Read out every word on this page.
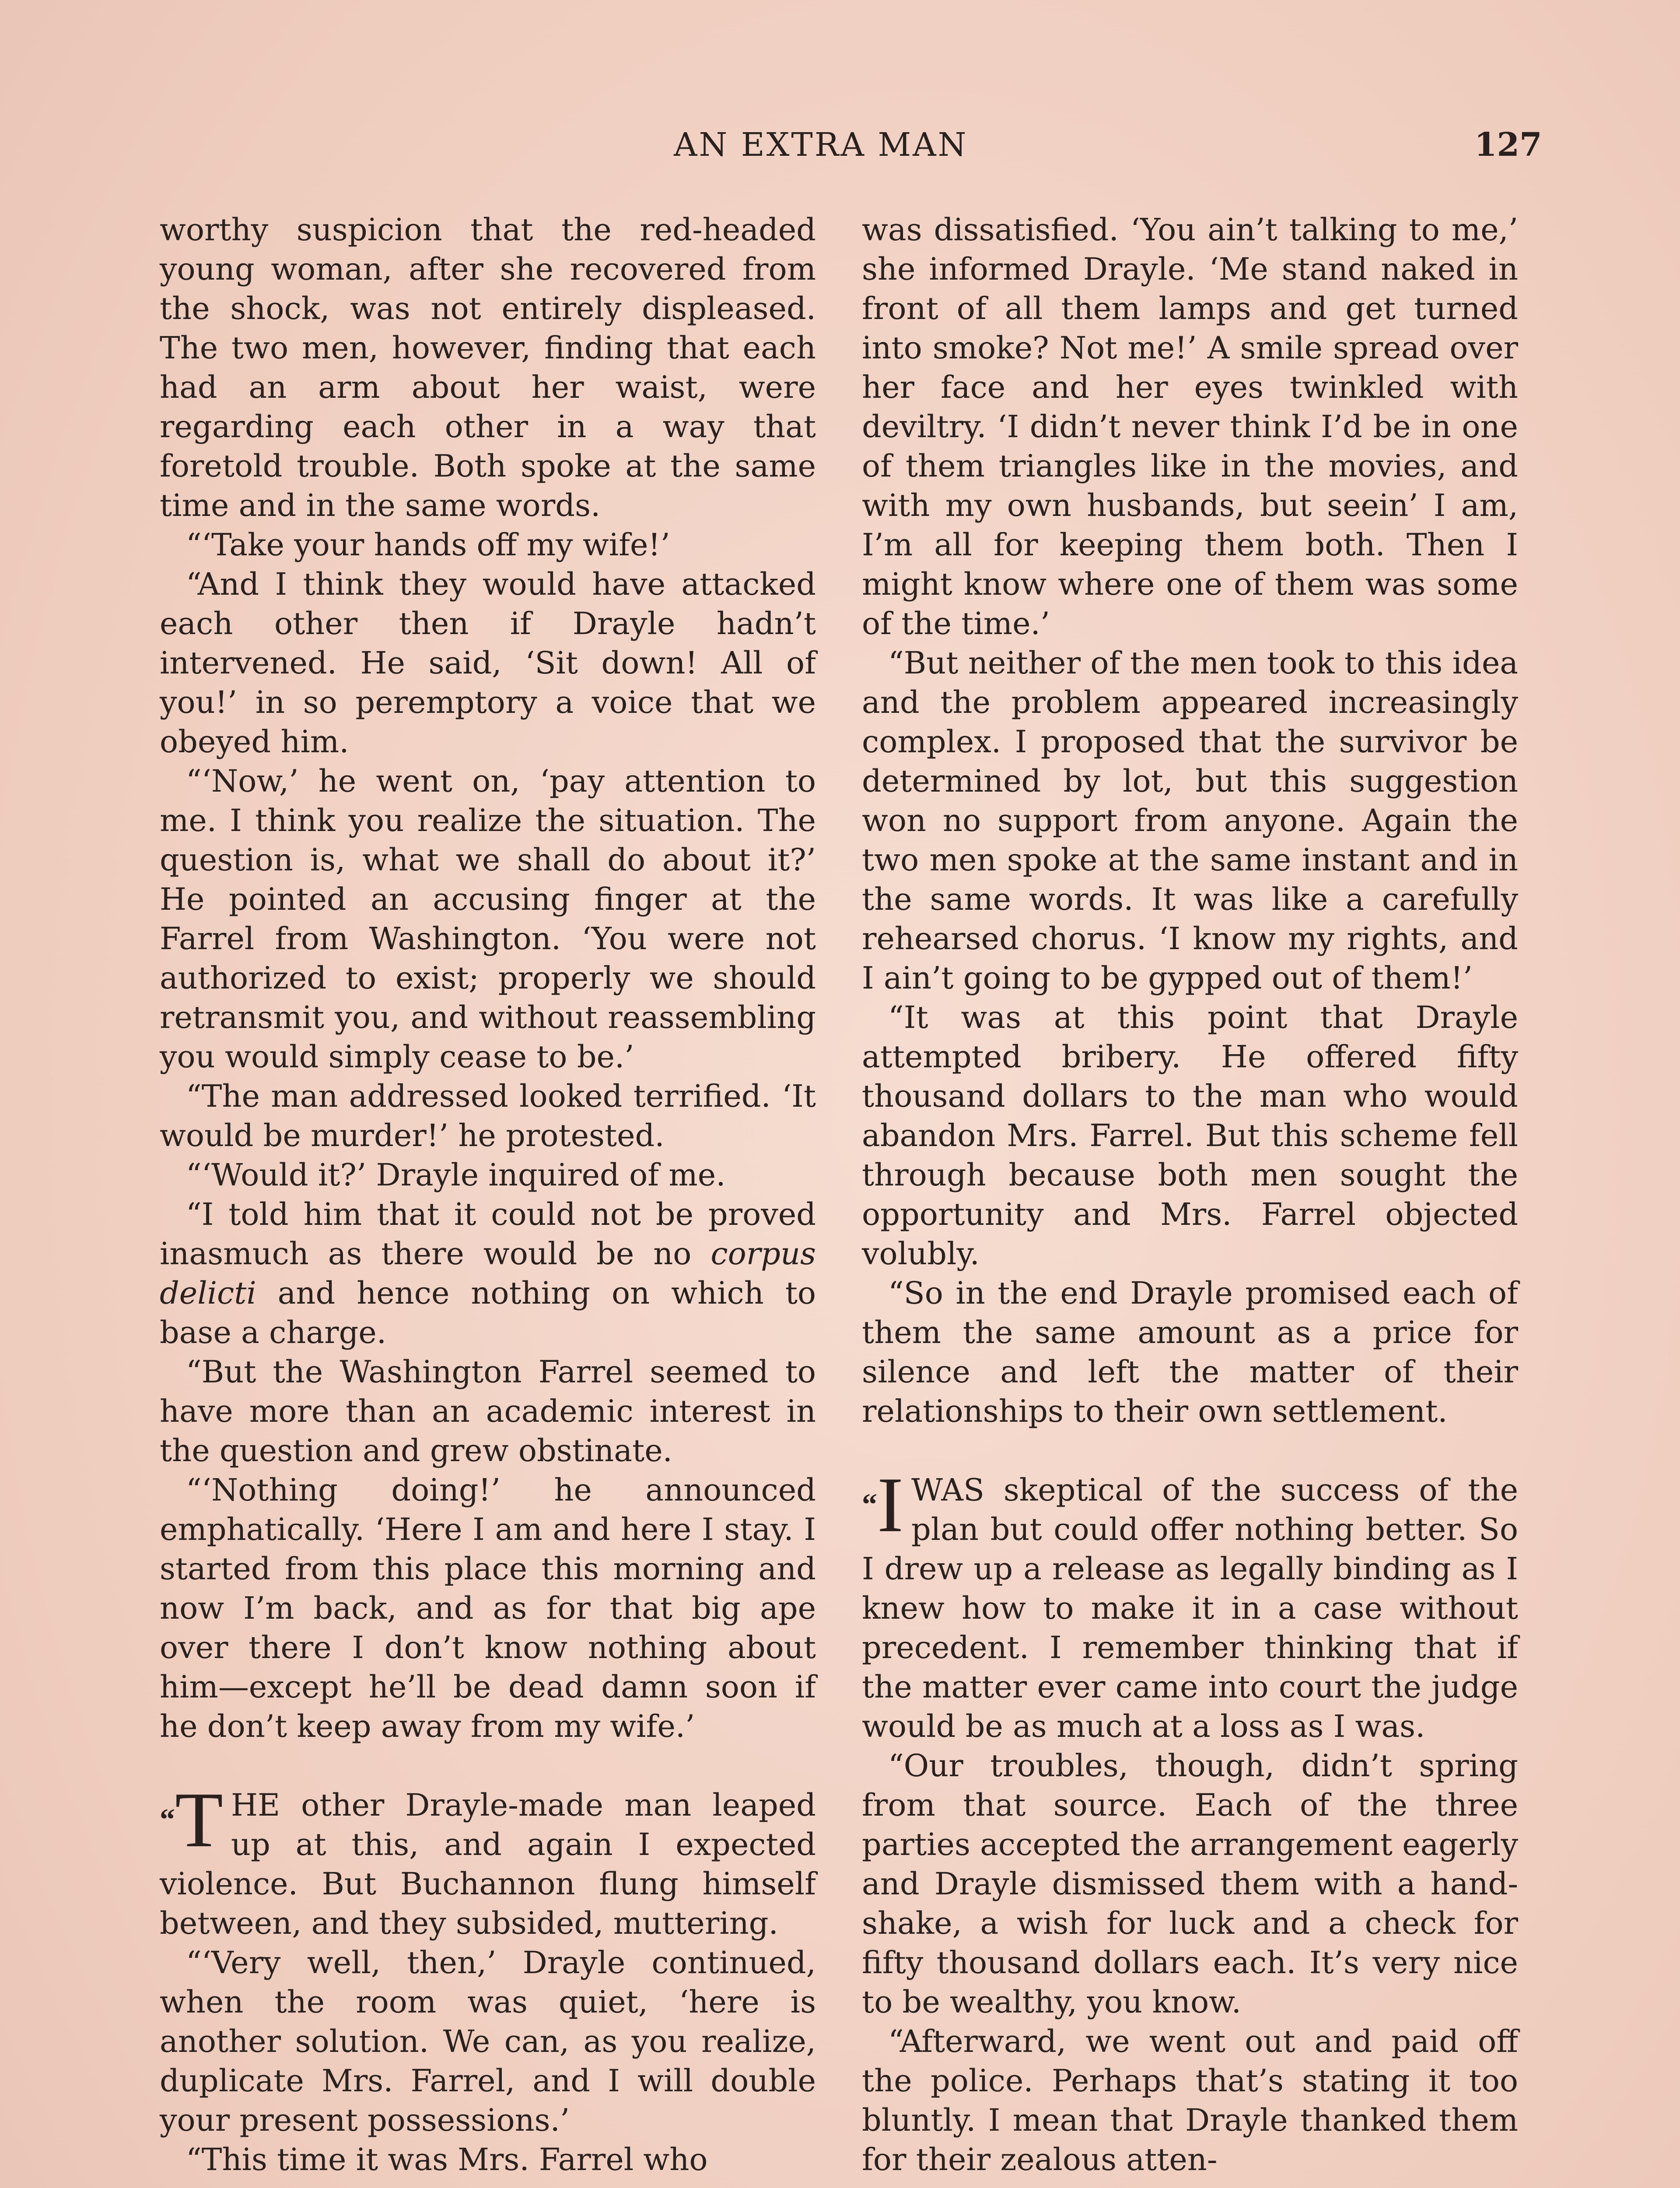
AN EXTRA MAN	127

worthy suspicion that the red-headed young woman, after she recovered from the shock, was not entirely displeased. The two men, however, finding that each had an arm about her waist, were regarding each other in a way that foretold trouble. Both spoke at the same time and in the same words.

“‘Take your hands off my wife!’

“And I think they would have attacked each other then if Drayle hadn’t intervened. He said, ‘Sit down! All of you!’ in so peremptory a voice that we obeyed him.

“‘Now,’ he went on, ‘pay attention to me. I think you realize the situation. The question is, what we shall do about it?’ He pointed an accusing finger at the Farrel from Washington. ‘You were not authorized to exist; properly we should retransmit you, and without reassembling you would simply cease to be.’

“The man addressed looked terrified. ‘It would be murder!’ he protested.

“‘Would it?’ Drayle inquired of me.

“I told him that it could not be proved inasmuch as there would be no corpus delicti and hence nothing on which to base a charge.

“But the Washington Farrel seemed to have more than an academic interest in the question and grew obstinate.

“‘Nothing doing!’ he announced emphatically. ‘Here I am and here I stay. I started from this place this morning and now I’m back, and as for that big ape over there I don’t know nothing about him—except he’ll be dead damn soon if he don’t keep away from my wife.’

“T HE other Drayle-made man leaped up at this, and again I expected violence. But Buchannon flung himself between, and they subsided, muttering.

“‘Very well, then,’ Drayle continued, when the room was quiet, ‘here is another solution. We can, as you realize, duplicate Mrs. Farrel, and I will double your present possessions.’

“This time it was Mrs. Farrel who

was dissatisfied. ‘You ain’t talking to me,’ she informed Drayle. ‘Me stand naked in front of all them lamps and get turned into smoke? Not me!’ A smile spread over her face and her eyes twinkled with deviltry. ‘I didn’t never think I’d be in one of them triangles like in the movies, and with my own husbands, but seein’ I am, I’m all for keeping them both. Then I might know where one of them was some of the time.’

“But neither of the men took to this idea and the problem appeared increasingly complex. I proposed that the survivor be determined by lot, but this suggestion won no support from anyone. Again the two men spoke at the same instant and in the same words. It was like a carefully rehearsed chorus. ‘I know my rights, and I ain’t going to be gypped out of them!’

“It was at this point that Drayle attempted bribery. He offered fifty thousand dollars to the man who would abandon Mrs. Farrel. But this scheme fell through because both men sought the opportunity and Mrs. Farrel objected volubly.

“So in the end Drayle promised each of them the same amount as a price for silence and left the matter of their relationships to their own settlement.

“I WAS skeptical of the success of the plan but could offer nothing better. So I drew up a release as legally binding as I knew how to make it in a case without precedent. I remember thinking that if the matter ever came into court the judge would be as much at a loss as I was.

“Our troubles, though, didn’t spring from that source. Each of the three parties accepted the arrangement eagerly and Drayle dismissed them with a hand-shake, a wish for luck and a check for fifty thousand dollars each. It’s very nice to be wealthy, you know.

“Afterward, we went out and paid off the police. Perhaps that’s stating it too bluntly. I mean that Drayle thanked them for their zealous atten-
